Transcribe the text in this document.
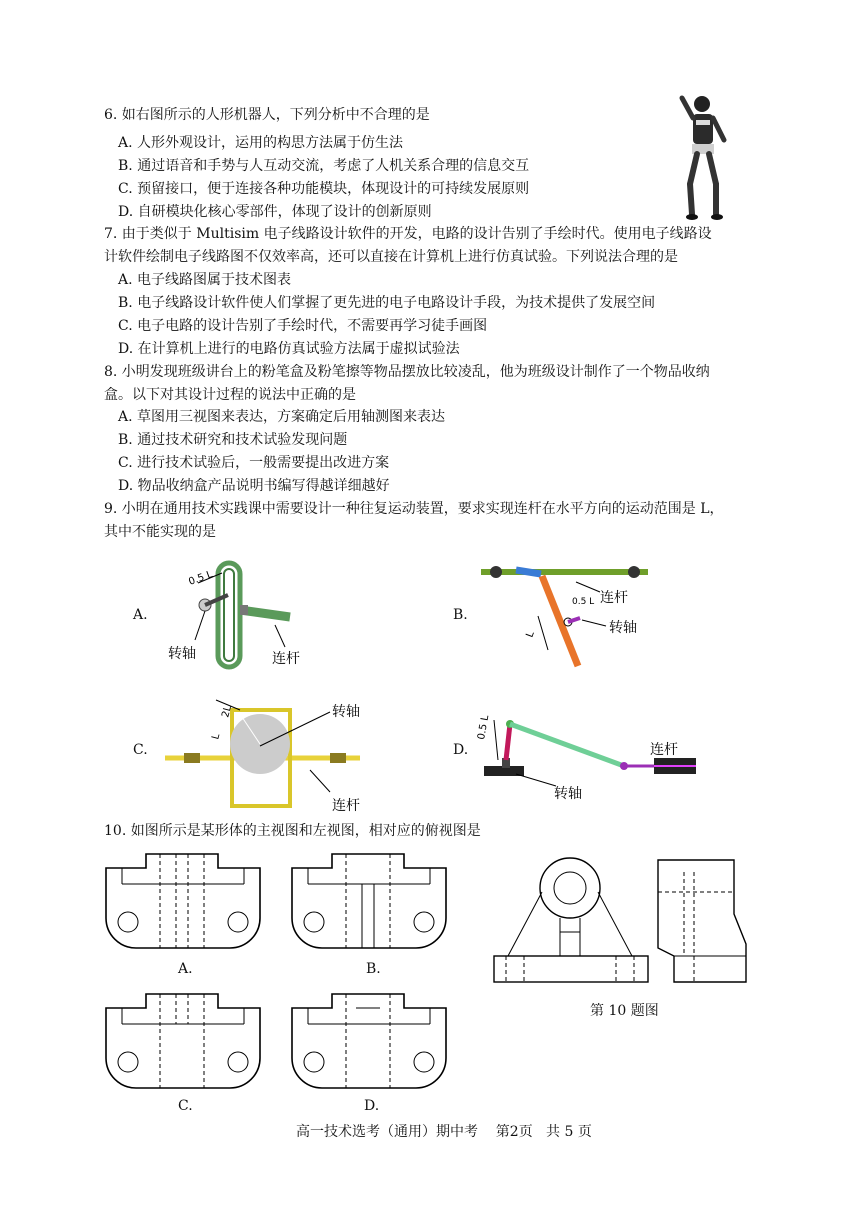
6. 如右图所示的人形机器人，下列分析中不合理的是
A. 人形外观设计，运用的构思方法属于仿生法
B. 通过语音和手势与人互动交流，考虑了人机关系合理的信息交互
C. 预留接口，便于连接各种功能模块，体现设计的可持续发展原则
D. 自研模块化核心零部件，体现了设计的创新原则
7. 由于类似于 Multisim 电子线路设计软件的开发，电路的设计告别了手绘时代。使用电子线路设
计软件绘制电子线路图不仅效率高，还可以直接在计算机上进行仿真试验。下列说法合理的是
A. 电子线路图属于技术图表
B. 电子线路设计软件使人们掌握了更先进的电子电路设计手段，为技术提供了发展空间
C. 电子电路的设计告别了手绘时代，不需要再学习徒手画图
D. 在计算机上进行的电路仿真试验方法属于虚拟试验法
8. 小明发现班级讲台上的粉笔盒及粉笔擦等物品摆放比较凌乱，他为班级设计制作了一个物品收纳
盒。以下对其设计过程的说法中正确的是
A. 草图用三视图来表达，方案确定后用轴测图来表达
B. 通过技术研究和技术试验发现问题
C. 进行技术试验后，一般需要提出改进方案
D. 物品收纳盒产品说明书编写得越详细越好
9. 小明在通用技术实践课中需要设计一种往复运动装置，要求实现连杆在水平方向的运动范围是 L，
其中不能实现的是
A.
0.5 L
转轴	连杆
B.
L
0.5 L 连杆
转轴
C.
L
2L	转轴
连杆
D.
0.5 L
连杆
转轴
10. 如图所示是某形体的主视图和左视图，相对应的俯视图是
A.	B.
C.	D.
第 10 题图
高一技术选考（通用）期中考    第2页   共 5 页
